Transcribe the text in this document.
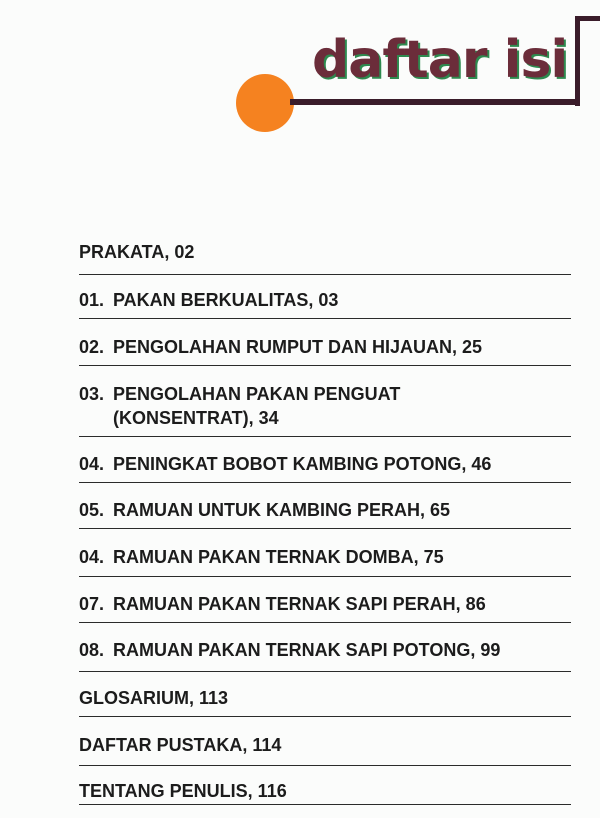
daftar isi
PRAKATA, 02
01. PAKAN BERKUALITAS, 03
02. PENGOLAHAN RUMPUT DAN HIJAUAN, 25
03. PENGOLAHAN PAKAN PENGUAT (KONSENTRAT), 34
04. PENINGKAT BOBOT KAMBING POTONG, 46
05. RAMUAN UNTUK KAMBING PERAH, 65
04. RAMUAN PAKAN TERNAK DOMBA, 75
07. RAMUAN PAKAN TERNAK SAPI PERAH, 86
08. RAMUAN PAKAN TERNAK SAPI POTONG, 99
GLOSARIUM, 113
DAFTAR PUSTAKA, 114
TENTANG PENULIS, 116
